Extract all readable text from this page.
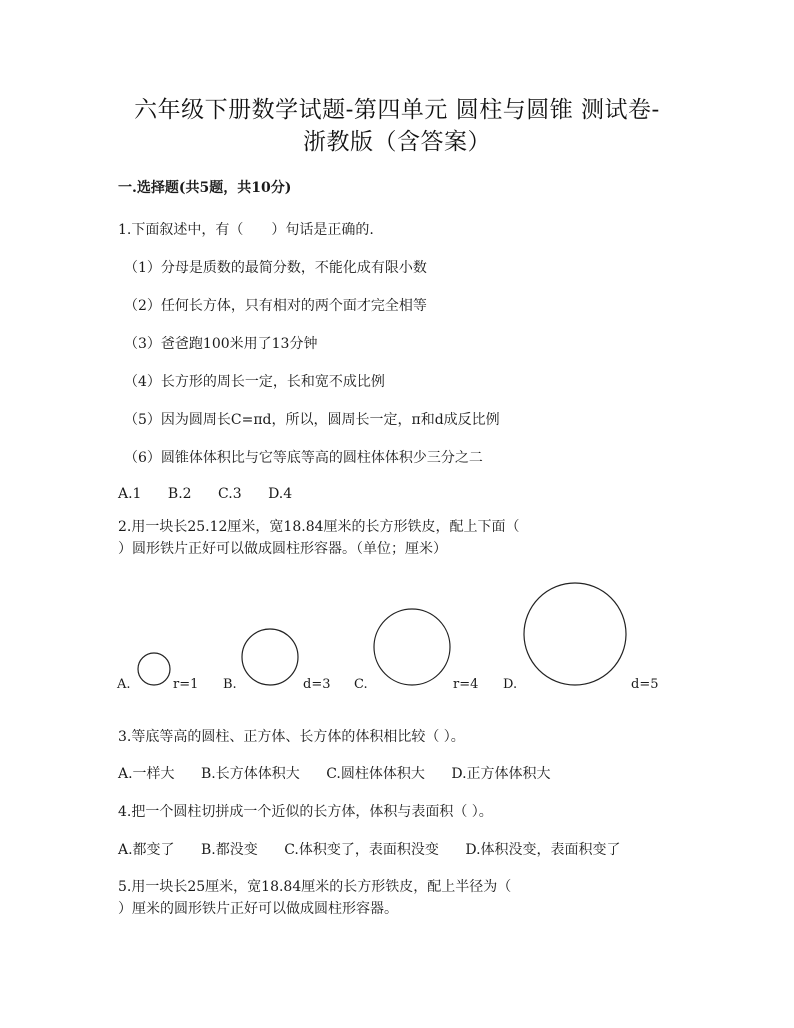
六年级下册数学试题-第四单元 圆柱与圆锥 测试卷-
浙教版（含答案）
一.选择题(共5题，共10分)
1.下面叙述中，有（　　）句话是正确的.
（1）分母是质数的最简分数，不能化成有限小数
（2）任何长方体，只有相对的两个面才完全相等
（3）爸爸跑100米用了13分钟
（4）长方形的周长一定，长和宽不成比例
（5）因为圆周长C=πd，所以，圆周长一定，π和d成反比例
（6）圆锥体体积比与它等底等高的圆柱体体积少三分之二
A.1 B.2 C.3 D.4
2.用一块长25.12厘米，宽18.84厘米的长方形铁皮，配上下面（
）圆形铁片正好可以做成圆柱形容器。（单位；厘米）
A.	r=1 B.	d=3 C.	r=4 D.	d=5
3.等底等高的圆柱、正方体、长方体的体积相比较（ ）。
A.一样大 B.长方体体积大 C.圆柱体体积大 D.正方体体积大
4.把一个圆柱切拼成一个近似的长方体，体积与表面积（ ）。
A.都变了 B.都没变 C.体积变了，表面积没变 D.体积没变，表面积变了
5.用一块长25厘米，宽18.84厘米的长方形铁皮，配上半径为（
）厘米的圆形铁片正好可以做成圆柱形容器。
